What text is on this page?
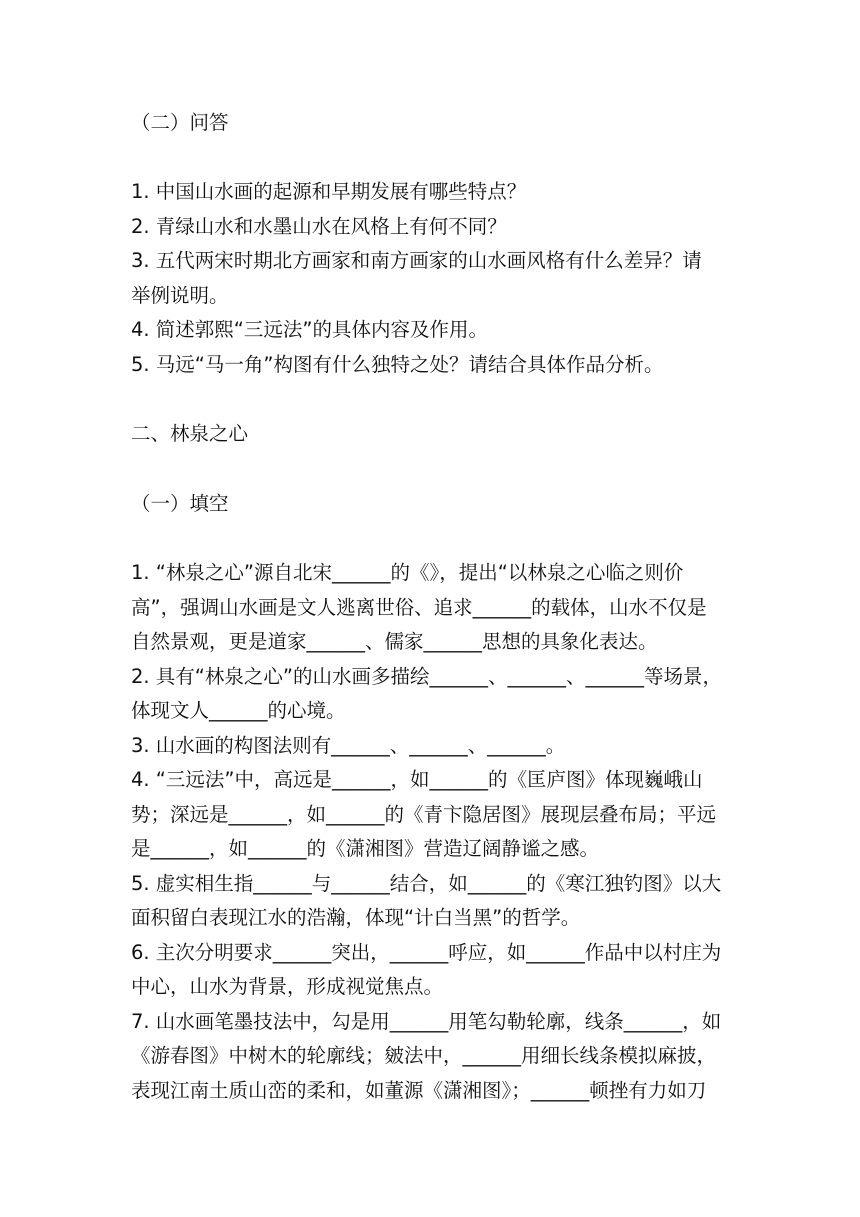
（二）问答

1. 中国山水画的起源和早期发展有哪些特点？

2. 青绿山水和水墨山水在风格上有何不同？

3. 五代两宋时期北方画家和南方画家的山水画风格有什么差异？请

举例说明。

4. 简述郭熙“三远法”的具体内容及作用。

5. 马远“马一角”构图有什么独特之处？请结合具体作品分析。

二、林泉之心

（一）填空

1. “林泉之心”源自北宋______的《》，提出“以林泉之心临之则价

高”，强调山水画是文人逃离世俗、追求______的载体，山水不仅是

自然景观，更是道家______、儒家______思想的具象化表达。

2. 具有“林泉之心”的山水画多描绘______、______、______等场景，

体现文人______的心境。

3. 山水画的构图法则有______、______、______。

4. “三远法”中，高远是______，如______的《匡庐图》体现巍峨山

势；深远是______，如______的《青卞隐居图》展现层叠布局；平远

是______，如______的《潇湘图》营造辽阔静谧之感。

5. 虚实相生指______与______结合，如______的《寒江独钓图》以大

面积留白表现江水的浩瀚，体现“计白当黑”的哲学。

6. 主次分明要求______突出，______呼应，如______作品中以村庄为

中心，山水为背景，形成视觉焦点。

7. 山水画笔墨技法中，勾是用______用笔勾勒轮廓，线条______，如

《游春图》中树木的轮廓线；皴法中，______用细长线条模拟麻披，

表现江南土质山峦的柔和，如董源《潇湘图》；______顿挫有力如刀
